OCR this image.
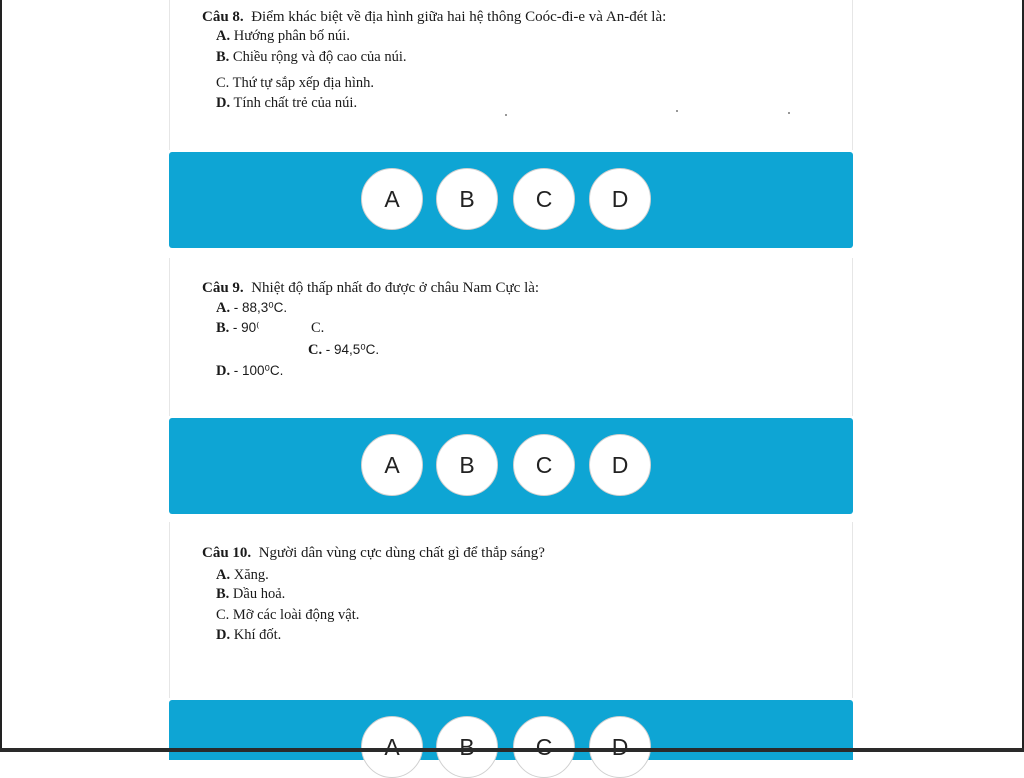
Câu 8. Điểm khác biệt về địa hình giữa hai hệ thông Coóc-đi-e và An-đét là:
A. Hướng phân bố núi.
B. Chiều rộng và độ cao của núi.
C. Thứ tự sắp xếp địa hình.
D. Tính chất trẻ của núi.
A	B	C	D
Câu 9. Nhiệt độ thấp nhất đo được ở châu Nam Cực là:
A. - 88,3⁰C.
B. - 90⁽	C.
C. - 94,5⁰C.
D. - 100⁰C.
A	B	C	D
Câu 10. Người dân vùng cực dùng chất gì để thắp sáng?
A. Xăng.
B. Dầu hoả.
C. Mỡ các loài động vật.
D. Khí đốt.
A	B	C	D
